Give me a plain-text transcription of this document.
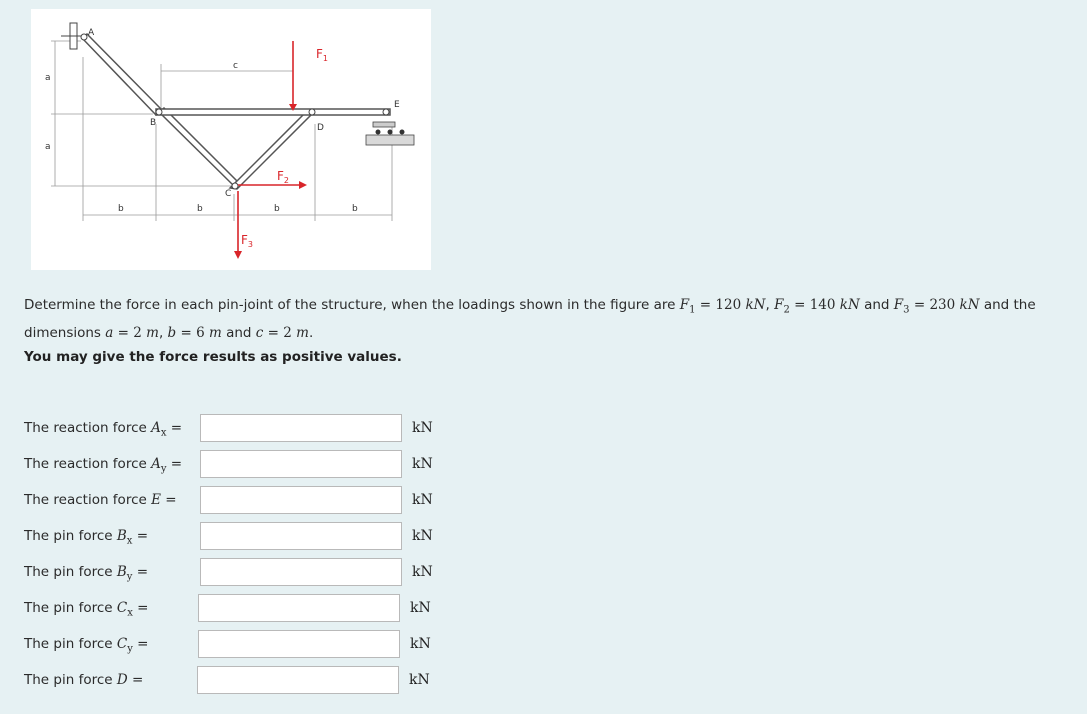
A
B
C
D
E
a
a
c
b	b	b	b
$F_1$
$F_2$
$F_3$

Determine the force in each pin-joint of the structure, when the loadings shown in the figure are $F_1 = 120$ kN, $F_2 = 140$ kN and $F_3 = 230$ kN and the
dimensions a = 2 m, b = 6 m and c = 2 m.

You may give the force results as positive values.
The reaction force $A_x$ =	kN
The reaction force $A_y$ =	kN
The reaction force E =	kN
The pin force $B_x$ =	kN
The pin force $B_y$ =	kN
The pin force $C_x$ =	kN
The pin force $C_y$ =	kN
The pin force D =	kN
